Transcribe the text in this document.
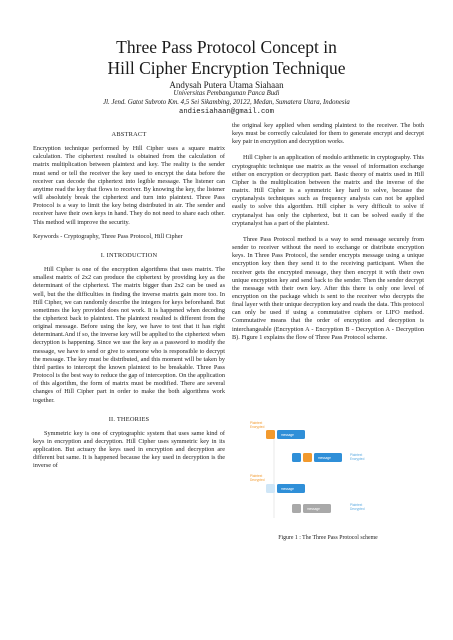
Three Pass Protocol Concept in
Hill Cipher Encryption Technique
Andysah Putera Utama Siahaan
Universitas Pembangunan Panca Budi
Jl. Jend. Gatot Subroto Km. 4,5 Sei Sikambing, 20122, Medan, Sumatera Utara, Indonesia
andiesiahaan@gmail.com

ABSTRACT

Encryption technique performed by Hill Cipher uses a square matrix calculation. The ciphertext resulted is obtained from the calculation of matrix multiplication between plaintext and key. The reality is the sender must send or tell the receiver the key used to encrypt the data before the receiver can decode the ciphertext into legible message. The listener can anytime read the key that flows to receiver. By knowing the key, the listener will absolutely break the ciphertext and turn into plaintext. Three Pass Protocol is a way to limit the key being distributed in air. The sender and receiver have their own keys in hand. They do not need to share each other. This method will improve the security.

Keywords - Cryptography, Three Pass Protocol, Hill Cipher

I. INTRODUCTION

Hill Cipher is one of the encryption algorithms that uses matrix. The smallest matrix of 2x2 can produce the ciphertext by providing key as the determinant of the ciphertext. The matrix bigger than 2x2 can be used as well, but the the difficulties in finding the inverse matrix gain more too. In Hill Cipher, we can randomly describe the integers for keys beforehand. But sometimes the key provided does not work. It is happened when decoding the ciphertext back to plaintext. The plaintext resulted is different from the original message. Before using the key, we have to test that it has right determinant.And if so, the inverse key will be applied to the ciphertext when decryption is happening. Since we use the key as a password to modify the message, we have to send or give to someone who is responsible to decrypt the message. The key must be distributed, and this moment will be taken by third parties to intercept the known plaintext to be breakable. Three Pass Protocol is the best way to reduce the gap of interception. On the application of this algorithm, the form of matrix must be modified. There are several changes of Hill Cipher part in order to make the both algorithms work together.

II. THEORIES

Symmetric key is one of cryptographic system that uses same kind of keys in encryption and decryption. Hill Cipher uses symmetric key in its application. But actuary the keys used in encryption and decryption are different but same. It is happened because the key used in decryption is the inverse of

the original key applied when sending plaintext to the receiver. The both keys must be correctly calculated for them to generate encrypt and decrypt key pair in encryption and decryption works.

Hill Cipher is an application of modulo arithmetic in cryptography. This cryptographic technique use matrix as the vessel of information exchange either on encryption or decryption part. Basic theory of matrix used in Hill Cipher is the multiplication between the matrix and the inverse of the matrix. Hill Cipher is a symmetric key hard to solve, because the cryptanalysis techniques such as frequency analysis can not be applied easily to solve this algorithm. Hill cipher is very difficult to solve if cryptanalyst has only the ciphertext, but it can be solved easily if the cryptanalyst has a part of the plaintext.

Three Pass Protocol method is a way to send message securely from sender to receiver without the need to exchange or distribute encryption keys. In Three Pass Protocol, the sender encrypts message using a unique encryption key then they send it to the receiving participant. When the receiver gets the encrypted message, they then encrypt it with their own unique encryption key and send back to the sender. Then the sender decrypt the message with their own key. After this there is only one level of encryption on the package which is sent to the receiver who decrypts the final layer with their unique decryption key and reads the data. This protocol can only be used if using a commutative ciphers or LIFO method. Commutative means that the order of encryption and decryption is interchangeable (Encryption A - Encryption B - Decryption A - Decryption B). Figure 1 explains the flow of Three Pass Protocol scheme.

Plaintext
Encrypted
message
message
Plaintext
Encrypted
Plaintext
Decrypted
message
message
Plaintext
Decrypted
Figure 1 : The Three Pass Protocol scheme
